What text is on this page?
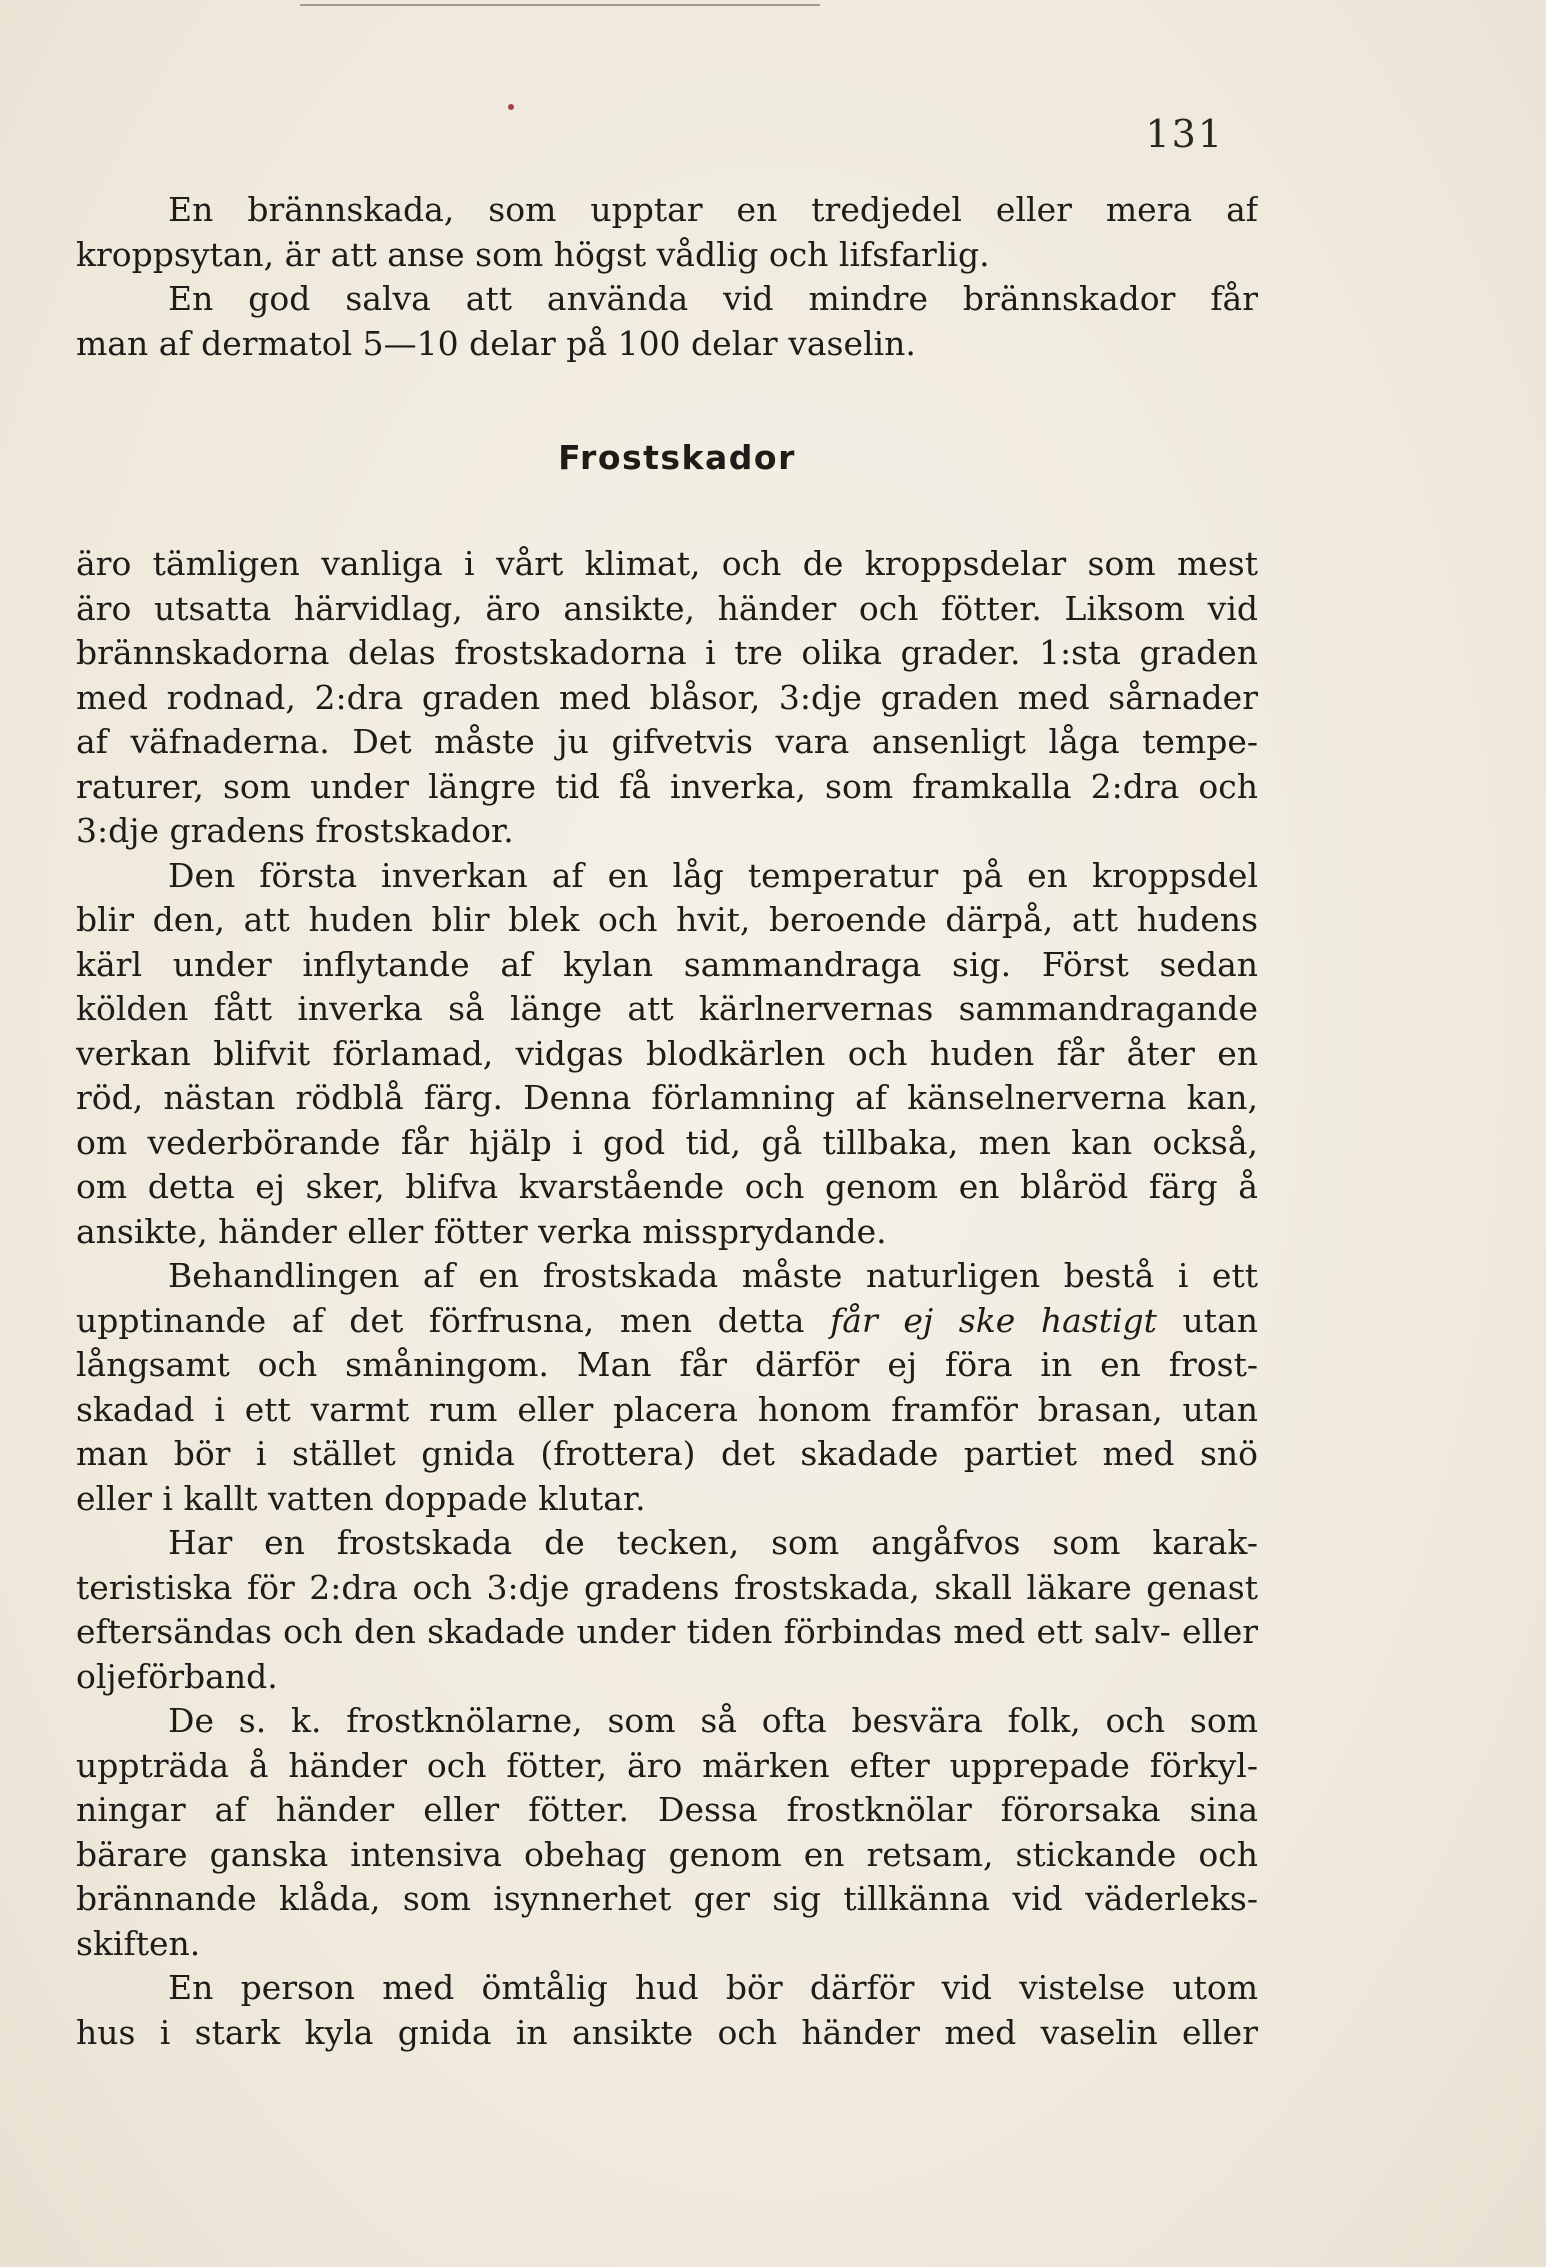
131
En brännskada, som upptar en tredjedel eller mera af
kroppsytan, är att anse som högst vådlig och lifsfarlig.
En god salva att använda vid mindre brännskador får
man af dermatol 5—10 delar på 100 delar vaselin.
Frostskador
äro tämligen vanliga i vårt klimat, och de kroppsdelar som mest
äro utsatta härvidlag, äro ansikte, händer och fötter. Liksom vid
brännskadorna delas frostskadorna i tre olika grader. 1:sta graden
med rodnad, 2:dra graden med blåsor, 3:dje graden med sårnader
af väfnaderna. Det måste ju gifvetvis vara ansenligt låga tempe-
raturer, som under längre tid få inverka, som framkalla 2:dra och
3:dje gradens frostskador.
Den första inverkan af en låg temperatur på en kroppsdel
blir den, att huden blir blek och hvit, beroende därpå, att hudens
kärl under inflytande af kylan sammandraga sig. Först sedan
kölden fått inverka så länge att kärlnervernas sammandragande
verkan blifvit förlamad, vidgas blodkärlen och huden får åter en
röd, nästan rödblå färg. Denna förlamning af känselnerverna kan,
om vederbörande får hjälp i god tid, gå tillbaka, men kan också,
om detta ej sker, blifva kvarstående och genom en blåröd färg å
ansikte, händer eller fötter verka missprydande.
Behandlingen af en frostskada måste naturligen bestå i ett
upptinande af det förfrusna, men detta får ej ske hastigt utan
långsamt och småningom. Man får därför ej föra in en frost-
skadad i ett varmt rum eller placera honom framför brasan, utan
man bör i stället gnida (frottera) det skadade partiet med snö
eller i kallt vatten doppade klutar.
Har en frostskada de tecken, som angåfvos som karak-
teristiska för 2:dra och 3:dje gradens frostskada, skall läkare genast
eftersändas och den skadade under tiden förbindas med ett salv- eller
oljeförband.
De s. k. frostknölarne, som så ofta besvära folk, och som
uppträda å händer och fötter, äro märken efter upprepade förkyl-
ningar af händer eller fötter. Dessa frostknölar förorsaka sina
bärare ganska intensiva obehag genom en retsam, stickande och
brännande klåda, som isynnerhet ger sig tillkänna vid väderleks-
skiften.
En person med ömtålig hud bör därför vid vistelse utom
hus i stark kyla gnida in ansikte och händer med vaselin eller
